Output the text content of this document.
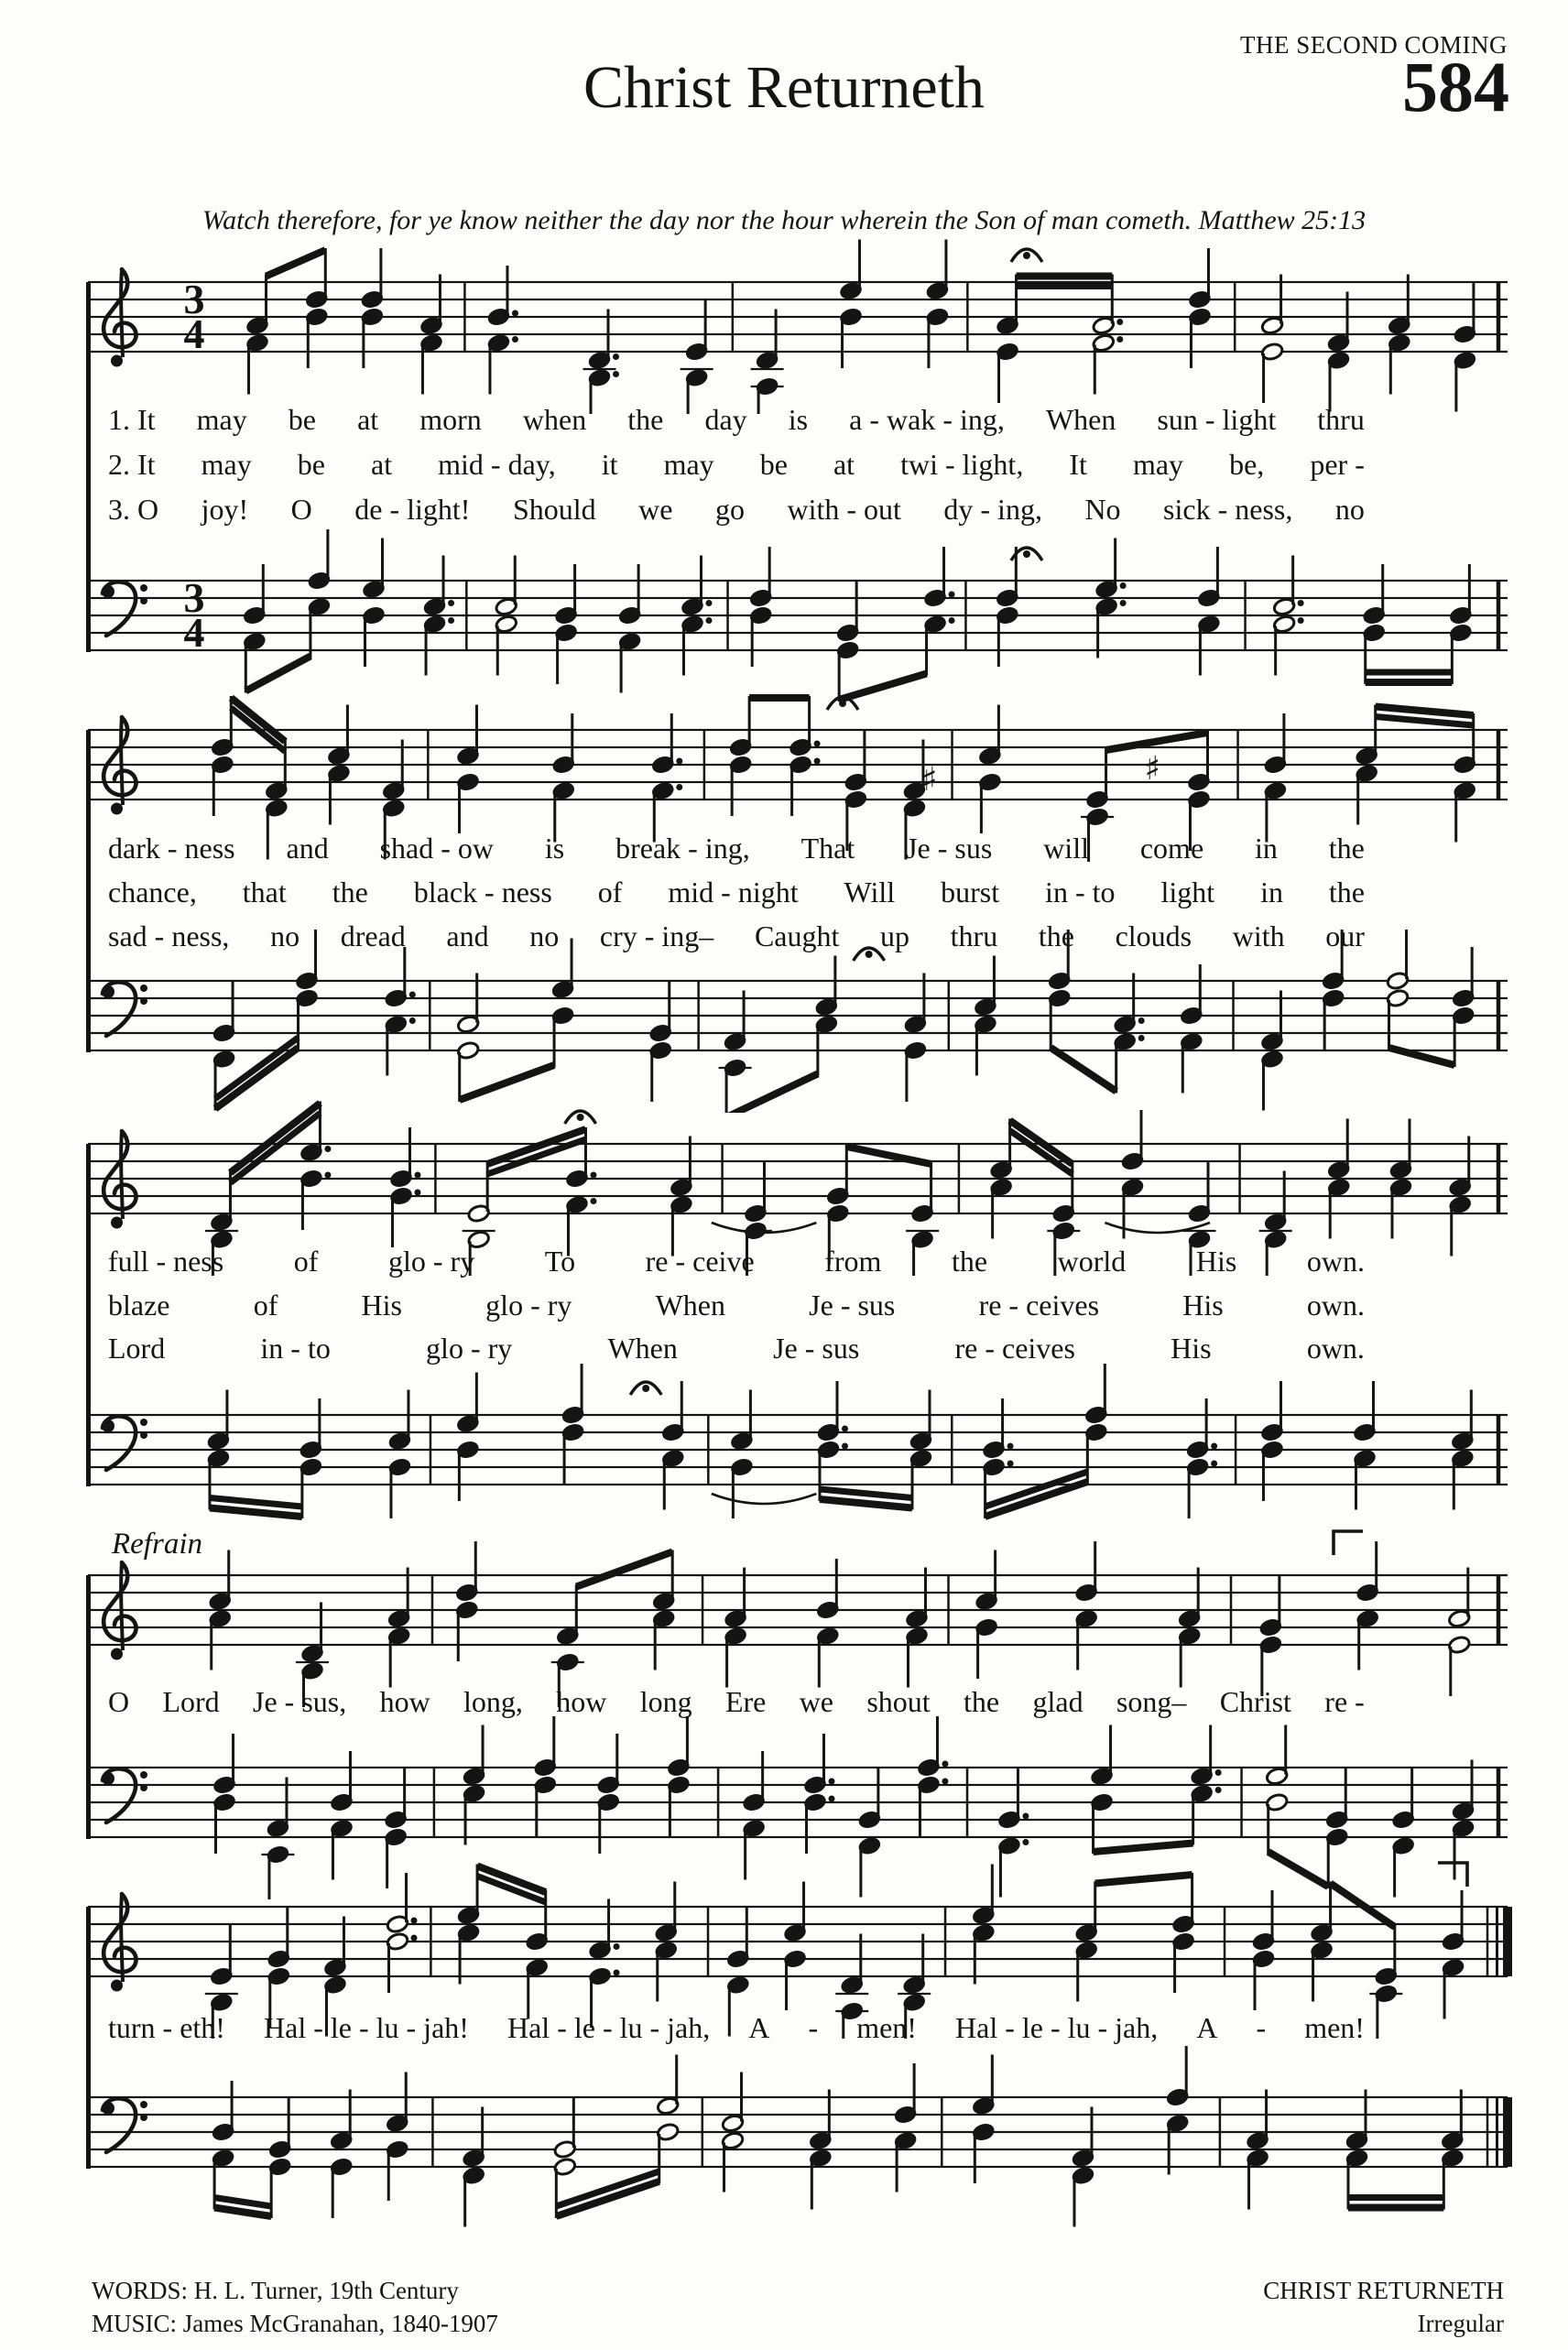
THE SECOND COMING
Christ Returneth	584
Watch therefore, for ye know neither the day nor the hour wherein the Son of man cometh. Matthew 25:13
3
4
3
4
♯	♯
1. It may be at morn when the day is a - wak - ing, When sun - light thru
2. It may be at mid - day, it may be at twi - light, It may be, per -
3. O joy! O de - light! Should we go with - out dy - ing, No sick - ness, no
dark - ness and shad - ow is break - ing, That Je - sus will come in the
chance, that the black - ness of mid - night Will burst in - to light in the
sad - ness, no dread and no cry - ing– Caught up thru the clouds with our
full - ness of glo - ry To re - ceive from the world His own.
blaze	of	His	glo - ry	When	Je - sus	re - ceives	His	own.
Lord	in - to	glo - ry	When	Je - sus	re - ceives	His	own.
Refrain
O Lord Je - sus, how long, how long Ere we shout the glad song– Christ re -
turn - eth! Hal - le - lu - jah! Hal - le - lu - jah, A - men! Hal - le - lu - jah, A - men!
WORDS: H. L. Turner, 19th Century
MUSIC: James McGranahan, 1840-1907
CHRIST RETURNETH
Irregular
